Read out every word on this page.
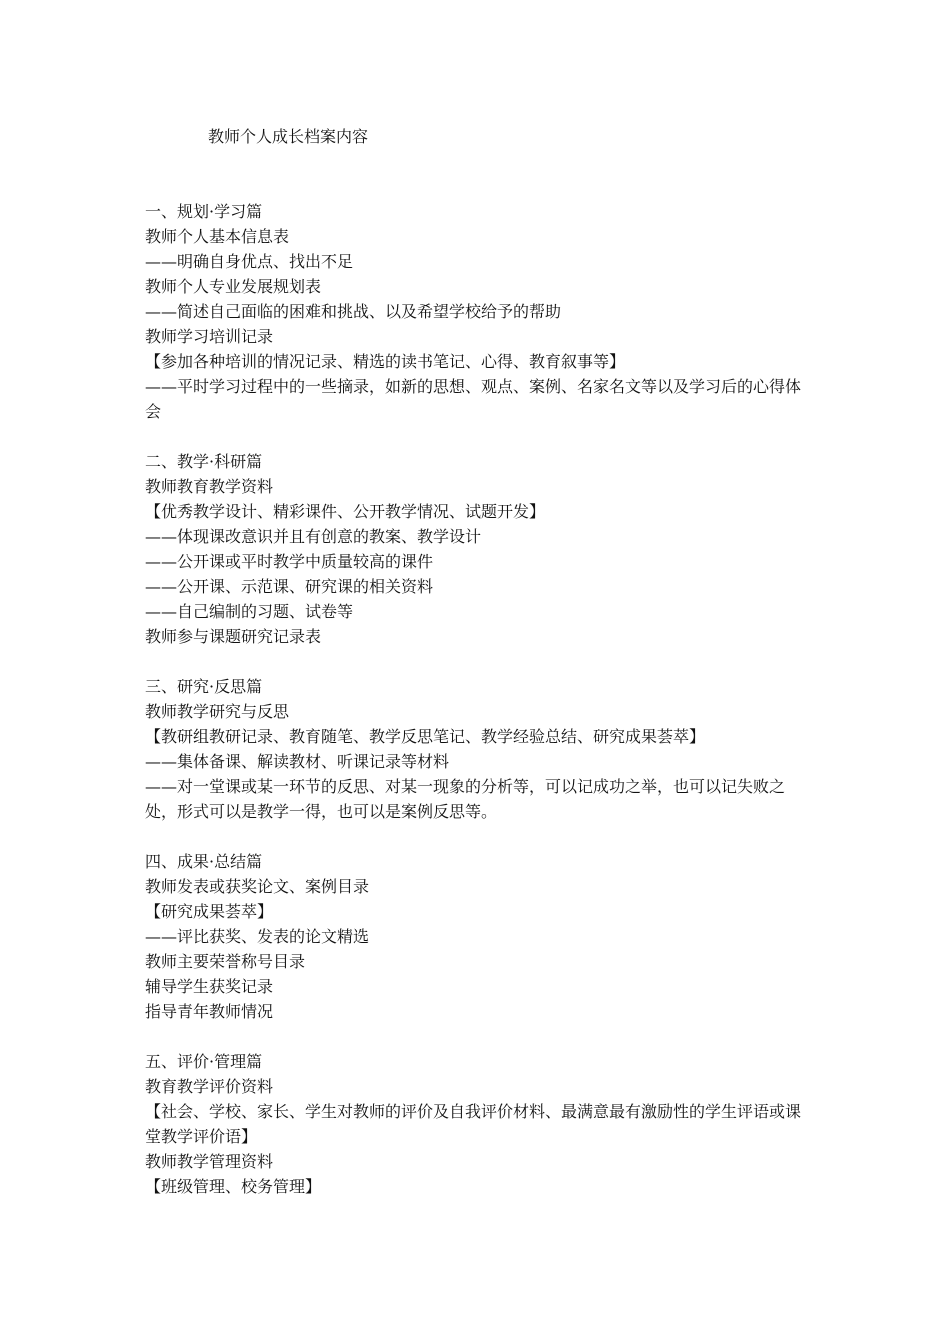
教师个人成长档案内容
一、规划·学习篇
教师个人基本信息表
——明确自身优点、找出不足
教师个人专业发展规划表
——简述自己面临的困难和挑战、以及希望学校给予的帮助
教师学习培训记录
【参加各种培训的情况记录、精选的读书笔记、心得、教育叙事等】
——平时学习过程中的一些摘录，如新的思想、观点、案例、名家名文等以及学习后的心得体
会
二、教学·科研篇
教师教育教学资料
【优秀教学设计、精彩课件、公开教学情况、试题开发】
——体现课改意识并且有创意的教案、教学设计
——公开课或平时教学中质量较高的课件
——公开课、示范课、研究课的相关资料
——自己编制的习题、试卷等
教师参与课题研究记录表
三、研究·反思篇
教师教学研究与反思
【教研组教研记录、教育随笔、教学反思笔记、教学经验总结、研究成果荟萃】
——集体备课、解读教材、听课记录等材料
——对一堂课或某一环节的反思、对某一现象的分析等，可以记成功之举，也可以记失败之
处，形式可以是教学一得，也可以是案例反思等。
四、成果·总结篇
教师发表或获奖论文、案例目录
【研究成果荟萃】
——评比获奖、发表的论文精选
教师主要荣誉称号目录
辅导学生获奖记录
指导青年教师情况
五、评价·管理篇
教育教学评价资料
【社会、学校、家长、学生对教师的评价及自我评价材料、最满意最有激励性的学生评语或课
堂教学评价语】
教师教学管理资料
【班级管理、校务管理】
